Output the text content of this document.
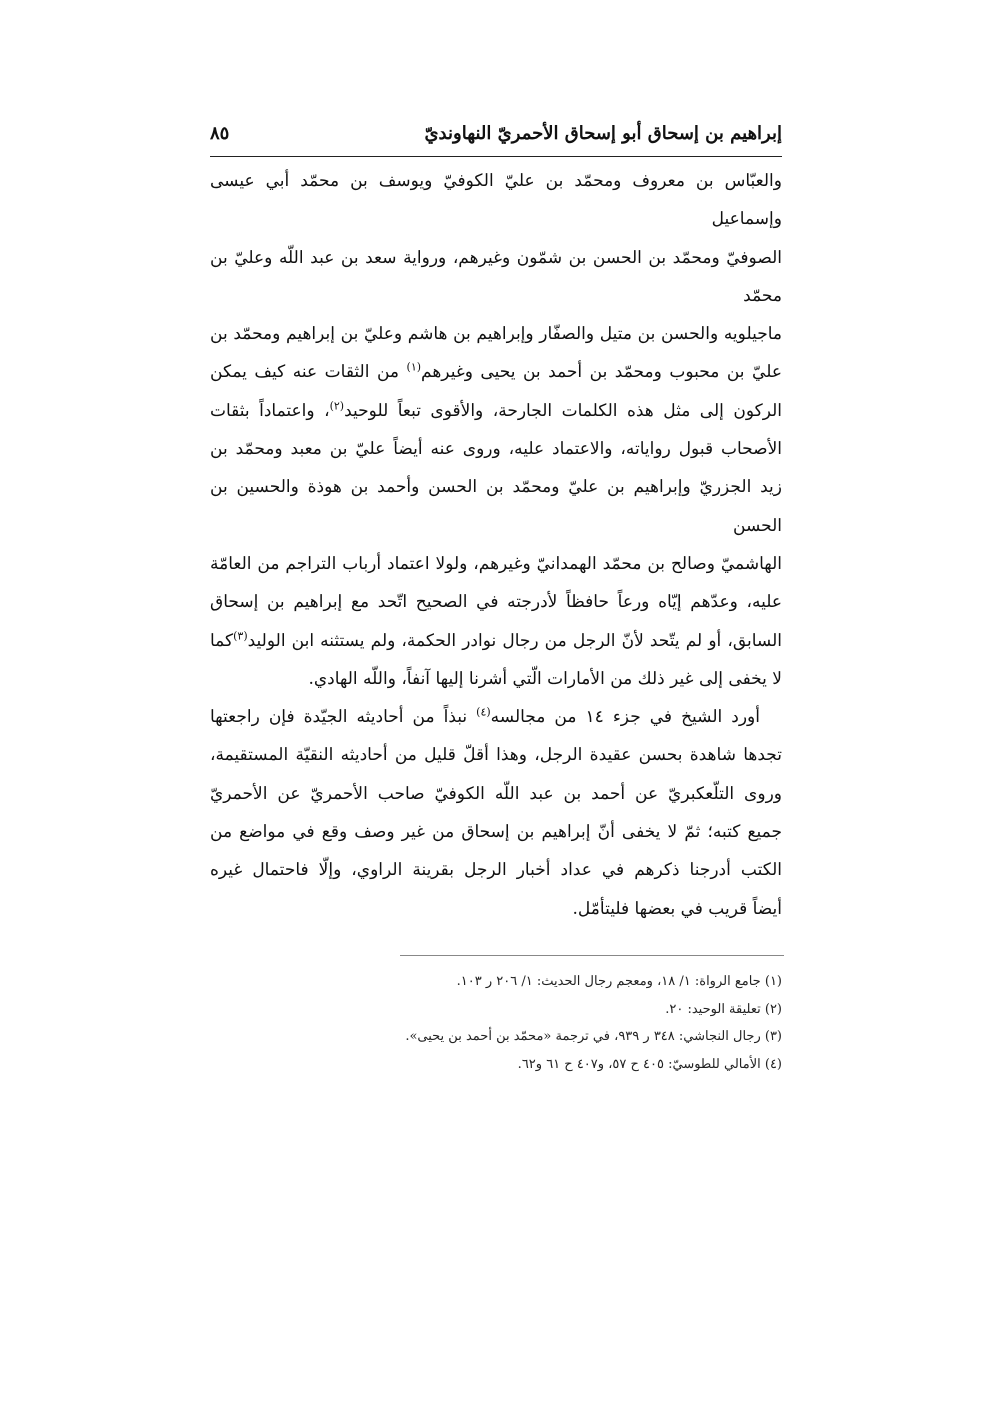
إبراهيم بن إسحاق أبو إسحاق الأحمريّ النهاونديّ
٨٥

والعبّاس بن معروف ومحمّد بن عليّ الكوفيّ ويوسف بن محمّد أبي عيسى وإسماعيل

الصوفيّ ومحمّد بن الحسن بن شمّون وغيرهم، ورواية سعد بن عبد اللّه وعليّ بن محمّد

ماجيلويه والحسن بن متيل والصفّار وإبراهيم بن هاشم وعليّ بن إبراهيم ومحمّد بن

عليّ بن محبوب ومحمّد بن أحمد بن يحيى وغيرهم$^{(١)}$ من الثقات عنه كيف يمكن

الركون إلى مثل هذه الكلمات الجارحة، والأقوى تبعاً للوحيد$^{(٢)}$، واعتماداً بثقات

الأصحاب قبول رواياته، والاعتماد عليه، وروى عنه أيضاً عليّ بن معبد ومحمّد بن

زيد الجزريّ وإبراهيم بن عليّ ومحمّد بن الحسن وأحمد بن هوذة والحسين بن الحسن

الهاشميّ وصالح بن محمّد الهمدانيّ وغيرهم، ولولا اعتماد أرباب التراجم من العامّة

عليه، وعدّهم إيّاه ورعاً حافظاً لأدرجته في الصحيح اتّحد مع إبراهيم بن إسحاق

السابق، أو لم يتّحد لأنّ الرجل من رجال نوادر الحكمة، ولم يستثنه ابن الوليد$^{(٣)}$كما

لا يخفى إلى غير ذلك من الأمارات الّتي أشرنا إليها آنفاً، واللّه الهادي.

أورد الشيخ في جزء ١٤ من مجالسه$^{(٤)}$ نبذاً من أحاديثه الجيّدة فإن راجعتها

تجدها شاهدة بحسن عقيدة الرجل، وهذا أقلّ قليل من أحاديثه النقيّة المستقيمة،

وروى التلّعكبريّ عن أحمد بن عبد اللّه الكوفيّ صاحب الأحمريّ عن الأحمريّ

جميع كتبه؛ ثمّ لا يخفى أنّ إبراهيم بن إسحاق من غير وصف وقع في مواضع من

الكتب أدرجنا ذكرهم في عداد أخبار الرجل بقرينة الراوي، وإلّا فاحتمال غيره

أيضاً قريب في بعضها فليتأمّل.

(١) جامع الرواة: ١/ ١٨، ومعجم رجال الحديث: ١/ ٢٠٦ ر ١٠٣.

(٢) تعليقة الوحيد: ٢٠.

(٣) رجال النجاشي: ٣٤٨ ر ٩٣٩، في ترجمة «محمّد بن أحمد بن يحيى».

(٤) الأمالي للطوسيّ: ٤٠٥ ح ٥٧، و٤٠٧ ح ٦١ و٦٢.
